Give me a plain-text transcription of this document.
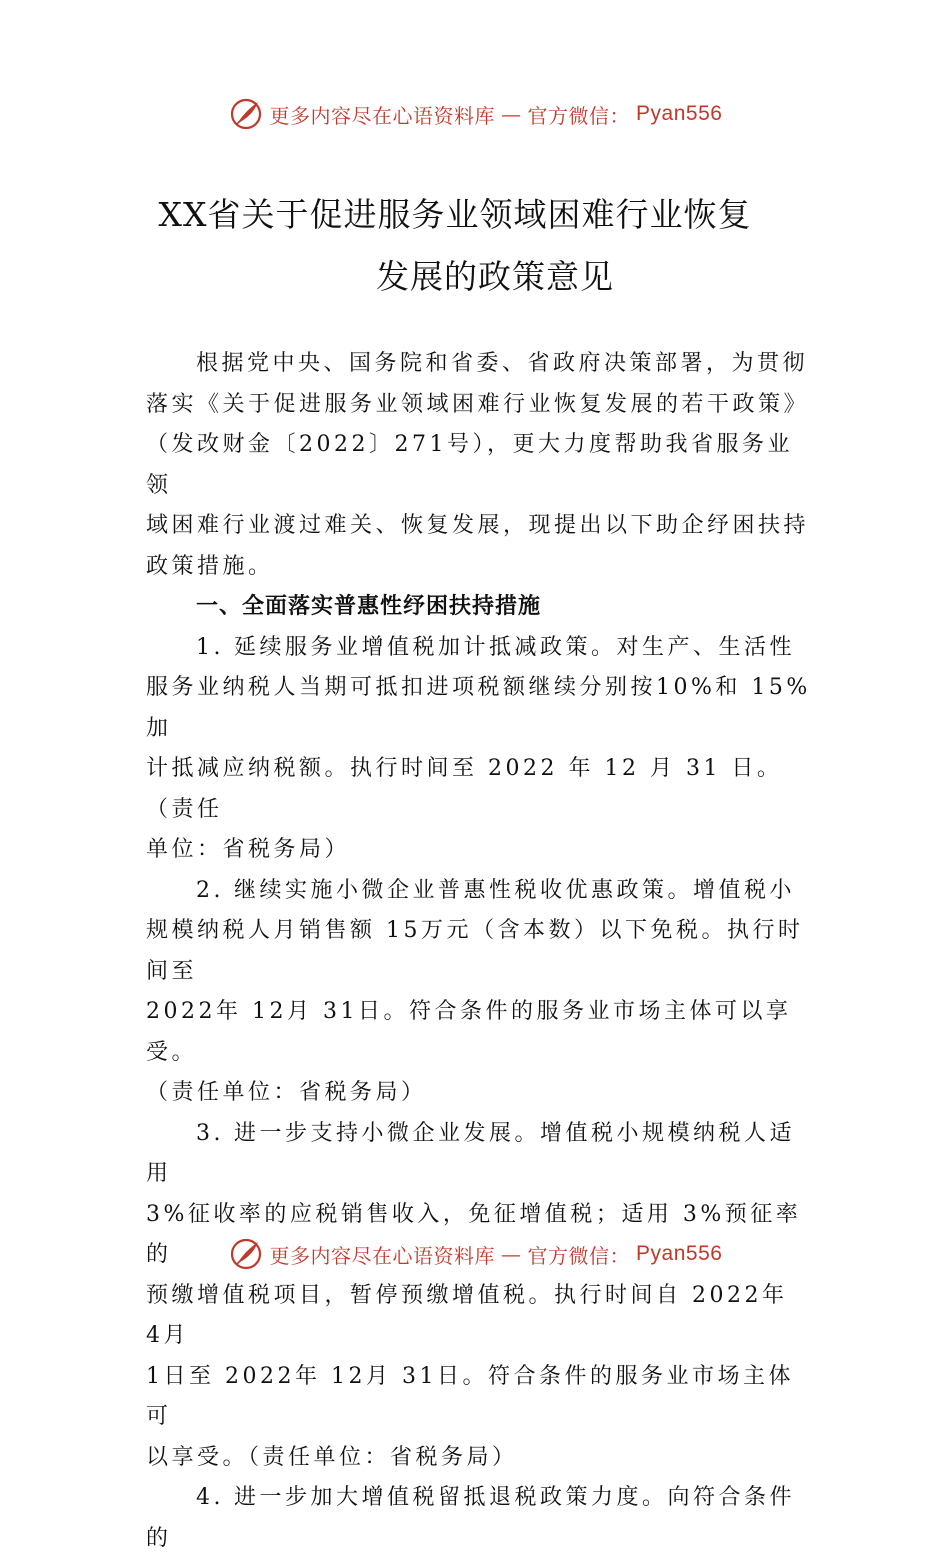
更多内容尽在心语资料库 — 官方微信： Pyan556
XX省关于促进服务业领域困难行业恢复
发展的政策意见

根据党中央、国务院和省委、省政府决策部署，为贯彻

落实《关于促进服务业领域困难行业恢复发展的若干政策》

（发改财金〔2022〕271号），更大力度帮助我省服务业领

域困难行业渡过难关、恢复发展，现提出以下助企纾困扶持

政策措施。

一、全面落实普惠性纾困扶持措施

1. 延续服务业增值税加计抵减政策。对生产、生活性

服务业纳税人当期可抵扣进项税额继续分别按10%和 15%加

计抵减应纳税额。执行时间至 2022 年 12 月 31 日。（责任

单位：省税务局）

2. 继续实施小微企业普惠性税收优惠政策。增值税小

规模纳税人月销售额 15万元（含本数）以下免税。执行时

间至

2022年 12月 31日。符合条件的服务业市场主体可以享受。

（责任单位：省税务局）

3. 进一步支持小微企业发展。增值税小规模纳税人适用

3%征收率的应税销售收入，免征增值税；适用 3%预征率的

预缴增值税项目，暂停预缴增值税。执行时间自 2022年 4月

1日至 2022年 12月 31日。符合条件的服务业市场主体可

以享受。（责任单位：省税务局）

4. 进一步加大增值税留抵退税政策力度。向符合条件的

更多内容尽在心语资料库 — 官方微信： Pyan556
